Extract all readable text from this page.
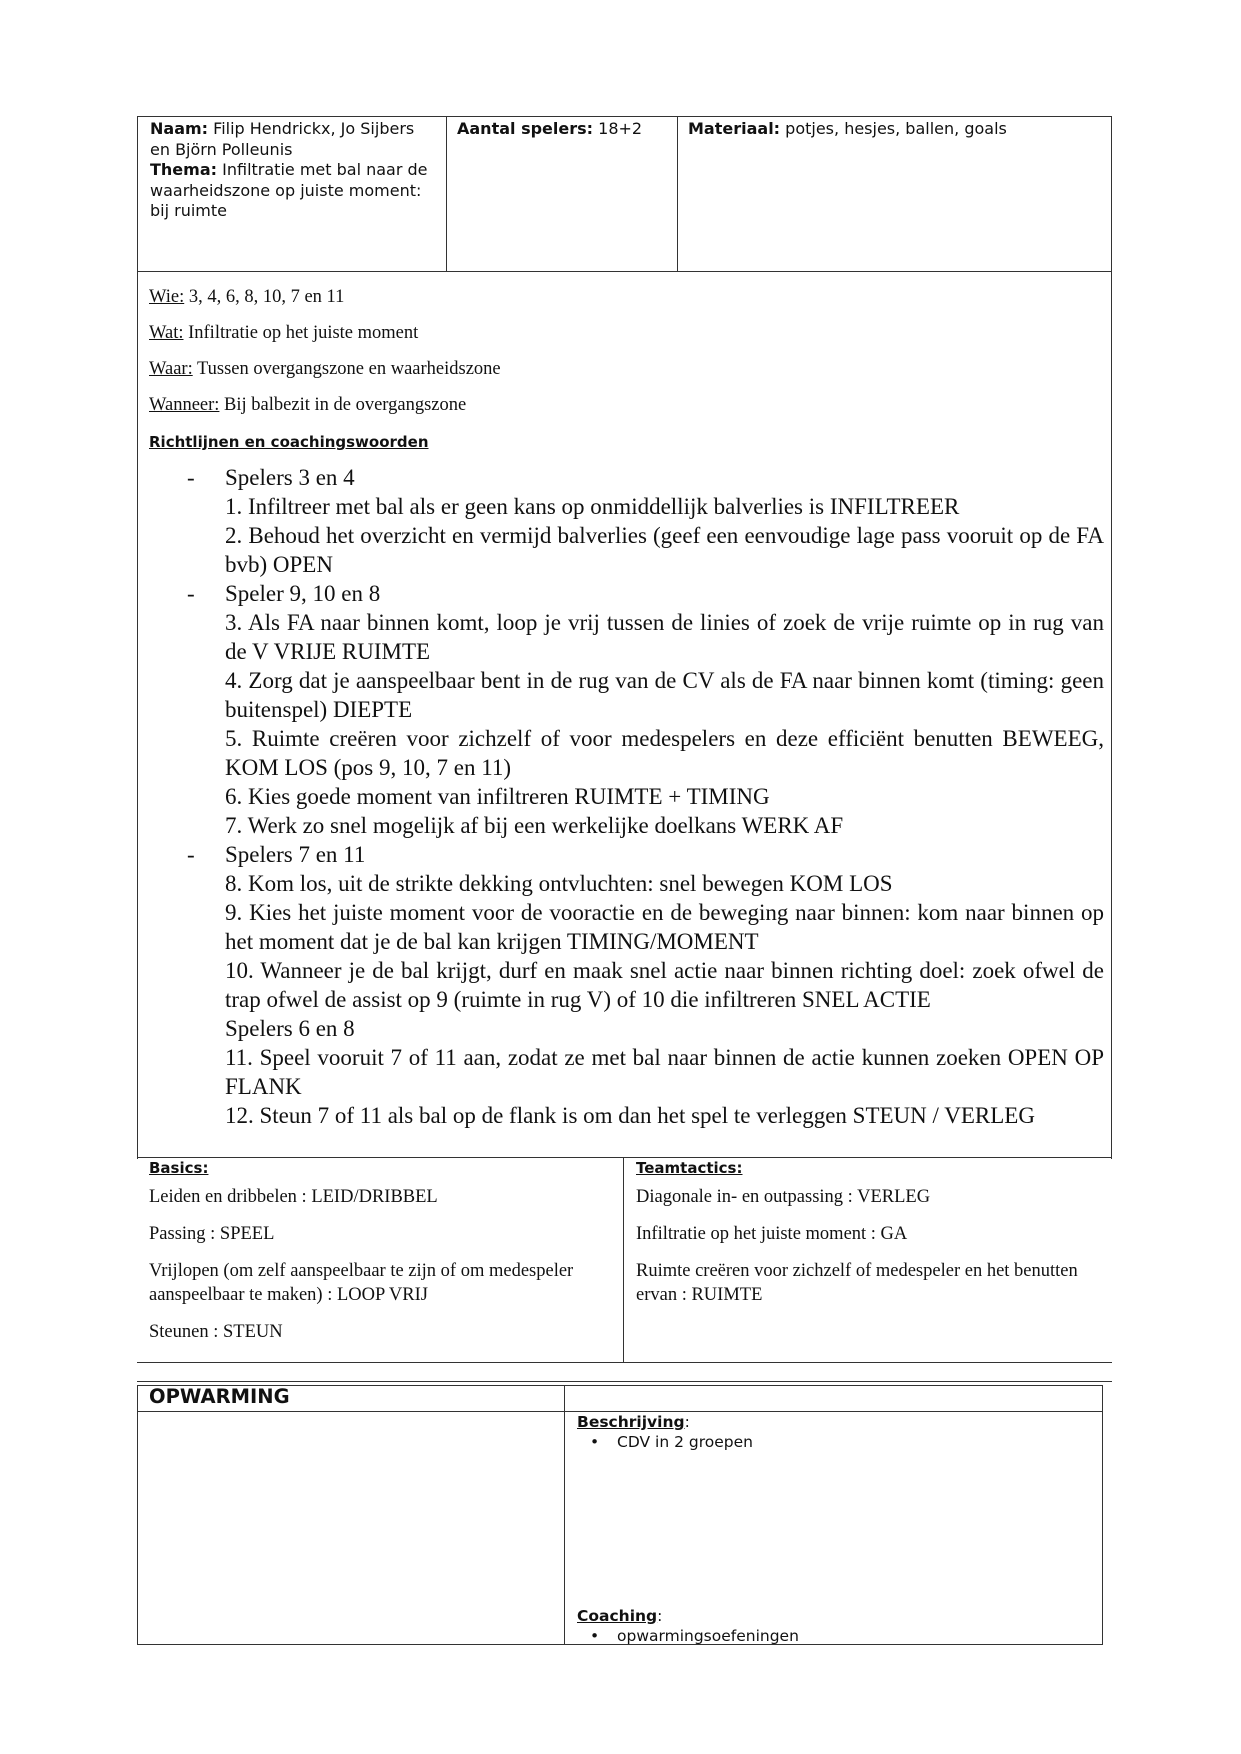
Naam: Filip Hendrickx, Jo Sijbers en Björn Polleunis
Thema: Infiltratie met bal naar de waarheidszone op juiste moment: bij ruimte
Aantal spelers: 18+2	Materiaal: potjes, hesjes, ballen, goals

Wie: 3, 4, 6, 8, 10, 7 en 11

Wat: Infiltratie op het juiste moment

Waar: Tussen overgangszone en waarheidszone

Wanneer: Bij balbezit in de overgangszone

Richtlijnen en coachingswoorden
- Spelers 3 en 4
1. Infiltreer met bal als er geen kans op onmiddellijk balverlies is INFILTREER
2. Behoud het overzicht en vermijd balverlies (geef een eenvoudige lage pass vooruit op de FA bvb) OPEN
- Speler 9, 10 en 8
3. Als FA naar binnen komt, loop je vrij tussen de linies of zoek de vrije ruimte op in rug van de V VRIJE RUIMTE
4. Zorg dat je aanspeelbaar bent in de rug van de CV als de FA naar binnen komt (timing: geen buitenspel) DIEPTE
5. Ruimte creëren voor zichzelf of voor medespelers en deze efficiënt benutten BEWEEG, KOM LOS (pos 9, 10, 7 en 11)
6. Kies goede moment van infiltreren RUIMTE + TIMING
7. Werk zo snel mogelijk af bij een werkelijke doelkans WERK AF
- Spelers 7 en 11
8. Kom los, uit de strikte dekking ontvluchten: snel bewegen KOM LOS
9. Kies het juiste moment voor de vooractie en de beweging naar binnen: kom naar binnen op het moment dat je de bal kan krijgen TIMING/MOMENT
10. Wanneer je de bal krijgt, durf en maak snel actie naar binnen richting doel: zoek ofwel de trap ofwel de assist op 9 (ruimte in rug V) of 10 die infiltreren SNEL ACTIE
Spelers 6 en 8
11. Speel vooruit 7 of 11 aan, zodat ze met bal naar binnen de actie kunnen zoeken OPEN OP FLANK
12. Steun 7 of 11 als bal op de flank is om dan het spel te verleggen STEUN / VERLEG
Basics:

Leiden en dribbelen : LEID/DRIBBEL

Passing : SPEEL

Vrijlopen (om zelf aanspeelbaar te zijn of om medespeler aanspeelbaar te maken) : LOOP VRIJ

Steunen : STEUN

Teamtactics:

Diagonale in- en outpassing : VERLEG

Infiltratie op het juiste moment : GA

Ruimte creëren voor zichzelf of medespeler en het benutten ervan : RUIMTE

OPWARMING
Beschrijving:
• CDV in 2 groepen
Coaching:
• opwarmingsoefeningen
